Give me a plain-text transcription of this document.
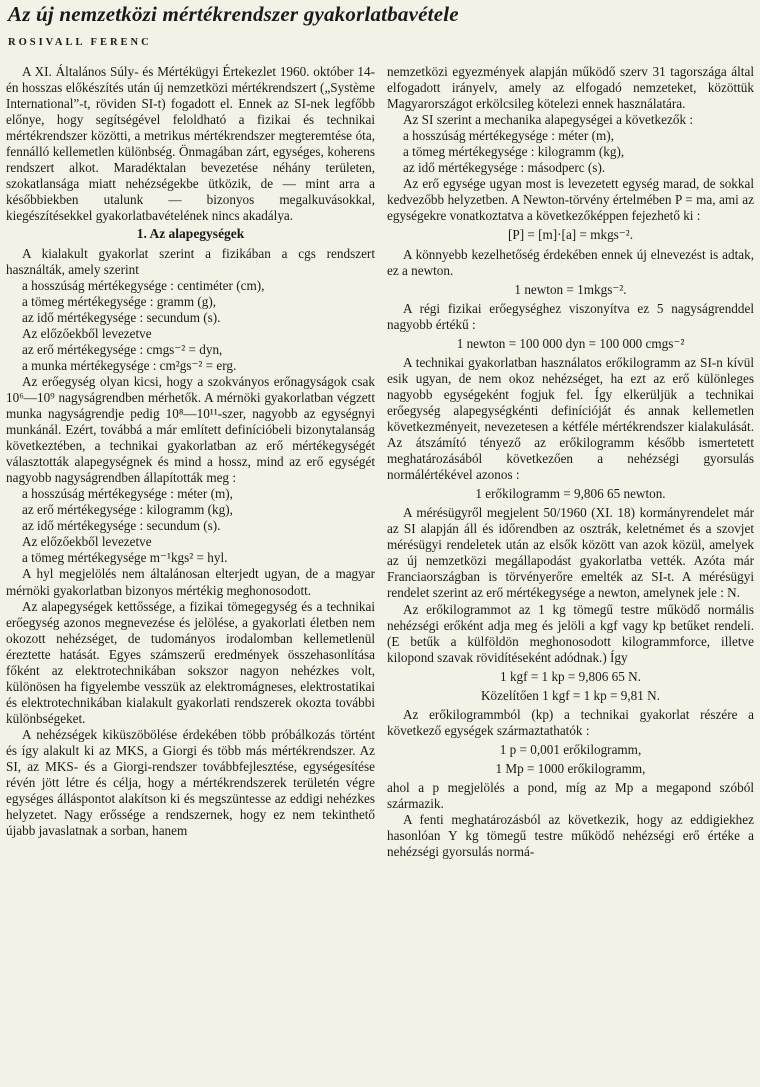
Az új nemzetközi mértékrendszer gyakorlatbavétele
ROSIVALL FERENC

A XI. Általános Súly- és Mértékügyi Értekezlet 1960. október 14-én hosszas előkészítés után új nemzetközi mértékrendszert („Système International”-t, röviden SI-t) fogadott el. Ennek az SI-nek legfőbb előnye, hogy segítségével feloldható a fizikai és technikai mértékrendszer közötti, a metrikus mértékrendszer megteremtése óta, fennálló kellemetlen különbség. Önmagában zárt, egységes, koherens rendszert alkot. Maradéktalan bevezetése néhány területen, szokatlansága miatt nehézségekbe ütközik, de — mint arra a későbbiekben utalunk — bizonyos megalkuvásokkal, kiegészítésekkel gyakorlatbavételének nincs akadálya.

1. Az alapegységek

A kialakult gyakorlat szerint a fizikában a cgs rendszert használták, amely szerint

a hosszúság mértékegysége : centiméter (cm),
a tömeg mértékegysége : gramm (g),
az idő mértékegysége : secundum (s).
Az előzőekből levezetve
az erő mértékegysége : cmgs⁻² = dyn,
a munka mértékegysége : cm²gs⁻² = erg.

Az erőegység olyan kicsi, hogy a szokványos erőnagyságok csak 10⁶—10⁹ nagyságrendben mérhetők. A mérnöki gyakorlatban végzett munka nagyságrendje pedig 10⁸—10¹¹-szer, nagyobb az egységnyi munkánál. Ezért, továbbá a már említett definícióbeli bizonytalanság következtében, a technikai gyakorlatban az erő mértékegységét választották alapegységnek és mind a hossz, mind az erő egységét nagyobb nagyságrendben állapították meg :

a hosszúság mértékegysége : méter (m),
az erő mértékegysége : kilogramm (kg),
az idő mértékegysége : secundum (s).
Az előzőekből levezetve
a tömeg mértékegysége m⁻¹kgs² = hyl.

A hyl megjelölés nem általánosan elterjedt ugyan, de a magyar mérnöki gyakorlatban bizonyos mértékig meghonosodott.

Az alapegységek kettőssége, a fizikai tömegegység és a technikai erőegység azonos megnevezése és jelölése, a gyakorlati életben nem okozott nehézséget, de tudományos irodalomban kellemetlenül éreztette hatását. Egyes számszerű eredmények összehasonlítása főként az elektrotechnikában sokszor nagyon nehézkes volt, különösen ha figyelembe vesszük az elektromágneses, elektrostatikai és elektrotechnikában kialakult gyakorlati rendszerek okozta további különbségeket.

A nehézségek kiküszöbölése érdekében több próbálkozás történt és így alakult ki az MKS, a Giorgi és több más mértékrendszer. Az SI, az MKS- és a Giorgi-rendszer továbbfejlesztése, egységesítése révén jött létre és célja, hogy a mértékrendszerek területén végre egységes álláspontot alakítson ki és megszüntesse az eddigi nehézkes helyzetet. Nagy erőssége a rendszernek, hogy ez nem tekinthető újabb javaslatnak a sorban, hanem

nemzetközi egyezmények alapján működő szerv 31 tagországa által elfogadott irányelv, amely az elfogadó nemzeteket, közöttük Magyarországot erkölcsileg kötelezi ennek használatára.

Az SI szerint a mechanika alapegységei a következők :

a hosszúság mértékegysége : méter (m),
a tömeg mértékegysége : kilogramm (kg),
az idő mértékegysége : másodperc (s).

Az erő egysége ugyan most is levezetett egység marad, de sokkal kedvezőbb helyzetben. A Newton-törvény értelmében P = ma, ami az egységekre vonatkoztatva a következőképpen fejezhető ki :

[P] = [m]·[a] = mkgs⁻².

A könnyebb kezelhetőség érdekében ennek új elnevezést is adtak, ez a newton.

1 newton = 1mkgs⁻².

A régi fizikai erőegységhez viszonyítva ez 5 nagyságrenddel nagyobb értékű :

1 newton = 100 000 dyn = 100 000 cmgs⁻²

A technikai gyakorlatban használatos erőkilogramm az SI-n kívül esik ugyan, de nem okoz nehézséget, ha ezt az erő különleges nagyobb egységeként fogjuk fel. Így elkerüljük a technikai erőegység alapegységkénti definícióját és annak kellemetlen következményeit, nevezetesen a kétféle mértékrendszer kialakulását. Az átszámító tényező az erőkilogramm később ismertetett meghatározásából következően a nehézségi gyorsulás normálértékével azonos :

1 erőkilogramm = 9,806 65 newton.

A mérésügyről megjelent 50/1960 (XI. 18) kormányrendelet már az SI alapján áll és időrendben az osztrák, keletnémet és a szovjet mérésügyi rendeletek után az elsők között van azok közül, amelyek az új nemzetközi megállapodást gyakorlatba vették. Azóta már Franciaországban is törvényerőre emelték az SI-t. A mérésügyi rendelet szerint az erő mértékegysége a newton, amelynek jele : N.

Az erőkilogrammot az 1 kg tömegű testre működő normális nehézségi erőként adja meg és jelöli a kgf vagy kp betűket rendeli. (E betűk a külföldön meghonosodott kilogrammforce, illetve kilopond szavak rövidítéseként adódnak.) Így

1 kgf = 1 kp = 9,806 65 N.
Közelítően 1 kgf = 1 kp = 9,81 N.

Az erőkilogrammból (kp) a technikai gyakorlat részére a következő egységek származtathatók :

1 p = 0,001 erőkilogramm,
1 Mp = 1000 erőkilogramm,

ahol a p megjelölés a pond, míg az Mp a megapond szóból származik.

A fenti meghatározásból az következik, hogy az eddigiekhez hasonlóan Y kg tömegű testre működő nehézségi erő értéke a nehézségi gyorsulás normá-
